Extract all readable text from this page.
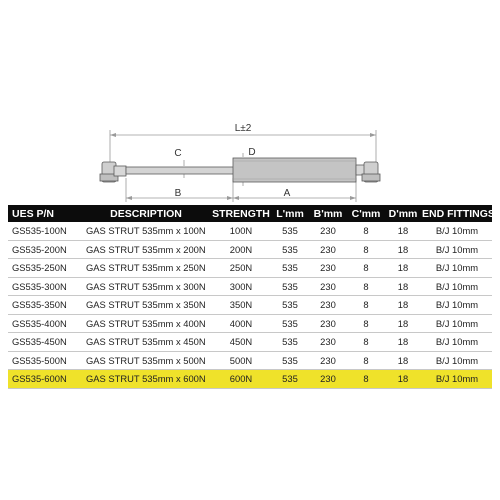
L±2
C	D
B	A
UES P/N	DESCRIPTION	STRENGTH	L'mm	B'mm	C'mm	D'mm	END FITTINGS
GS535-100N	GAS STRUT 535mm x 100N	100N	535	230	8	18	B/J 10mm
GS535-200N	GAS STRUT 535mm x 200N	200N	535	230	8	18	B/J 10mm
GS535-250N	GAS STRUT 535mm x 250N	250N	535	230	8	18	B/J 10mm
GS535-300N	GAS STRUT 535mm x 300N	300N	535	230	8	18	B/J 10mm
GS535-350N	GAS STRUT 535mm x 350N	350N	535	230	8	18	B/J 10mm
GS535-400N	GAS STRUT 535mm x 400N	400N	535	230	8	18	B/J 10mm
GS535-450N	GAS STRUT 535mm x 450N	450N	535	230	8	18	B/J 10mm
GS535-500N	GAS STRUT 535mm x 500N	500N	535	230	8	18	B/J 10mm
GS535-600N	GAS STRUT 535mm x 600N	600N	535	230	8	18	B/J 10mm
